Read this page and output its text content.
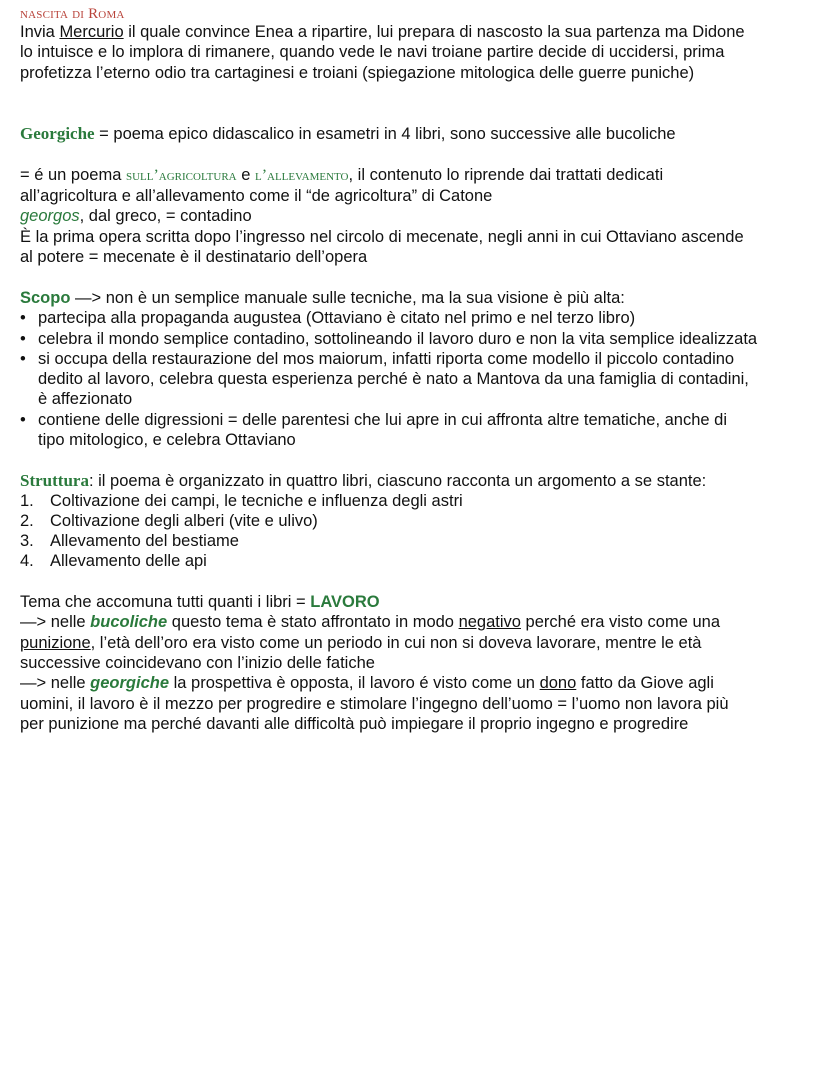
nascita di Roma
Invia Mercurio il quale convince Enea a ripartire, lui prepara di nascosto la sua partenza ma Didone
lo intuisce e lo implora di rimanere, quando vede le navi troiane partire decide di uccidersi, prima
profetizza l’eterno odio tra cartaginesi e troiani (spiegazione mitologica delle guerre puniche)
Georgiche = poema epico didascalico in esametri in 4 libri, sono successive alle bucoliche
= é un poema sull’agricoltura e l’allevamento, il contenuto lo riprende dai trattati dedicati
all’agricoltura e all’allevamento come il “de agricoltura” di Catone
georgos, dal greco, = contadino
È la prima opera scritta dopo l’ingresso nel circolo di mecenate, negli anni in cui Ottaviano ascende
al potere = mecenate è il destinatario dell’opera
Scopo —> non è un semplice manuale sulle tecniche, ma la sua visione è più alta:
• partecipa alla propaganda augustea (Ottaviano è citato nel primo e nel terzo libro)
• celebra il mondo semplice contadino, sottolineando il lavoro duro e non la vita semplice idealizzata
• si occupa della restaurazione del mos maiorum, infatti riporta come modello il piccolo contadino
dedito al lavoro, celebra questa esperienza perché è nato a Mantova da una famiglia di contadini,
è affezionato
• contiene delle digressioni = delle parentesi che lui apre in cui affronta altre tematiche, anche di
tipo mitologico, e celebra Ottaviano
Struttura: il poema è organizzato in quattro libri, ciascuno racconta un argomento a se stante:
1. Coltivazione dei campi, le tecniche e influenza degli astri
2. Coltivazione degli alberi (vite e ulivo)
3. Allevamento del bestiame
4. Allevamento delle api
Tema che accomuna tutti quanti i libri = LAVORO
—> nelle bucoliche questo tema è stato affrontato in modo negativo perché era visto come una
punizione, l’età dell’oro era visto come un periodo in cui non si doveva lavorare, mentre le età
successive coincidevano con l’inizio delle fatiche
—> nelle georgiche la prospettiva è opposta, il lavoro é visto come un dono fatto da Giove agli
uomini, il lavoro è il mezzo per progredire e stimolare l’ingegno dell’uomo = l’uomo non lavora più
per punizione ma perché davanti alle difficoltà può impiegare il proprio ingegno e progredire
